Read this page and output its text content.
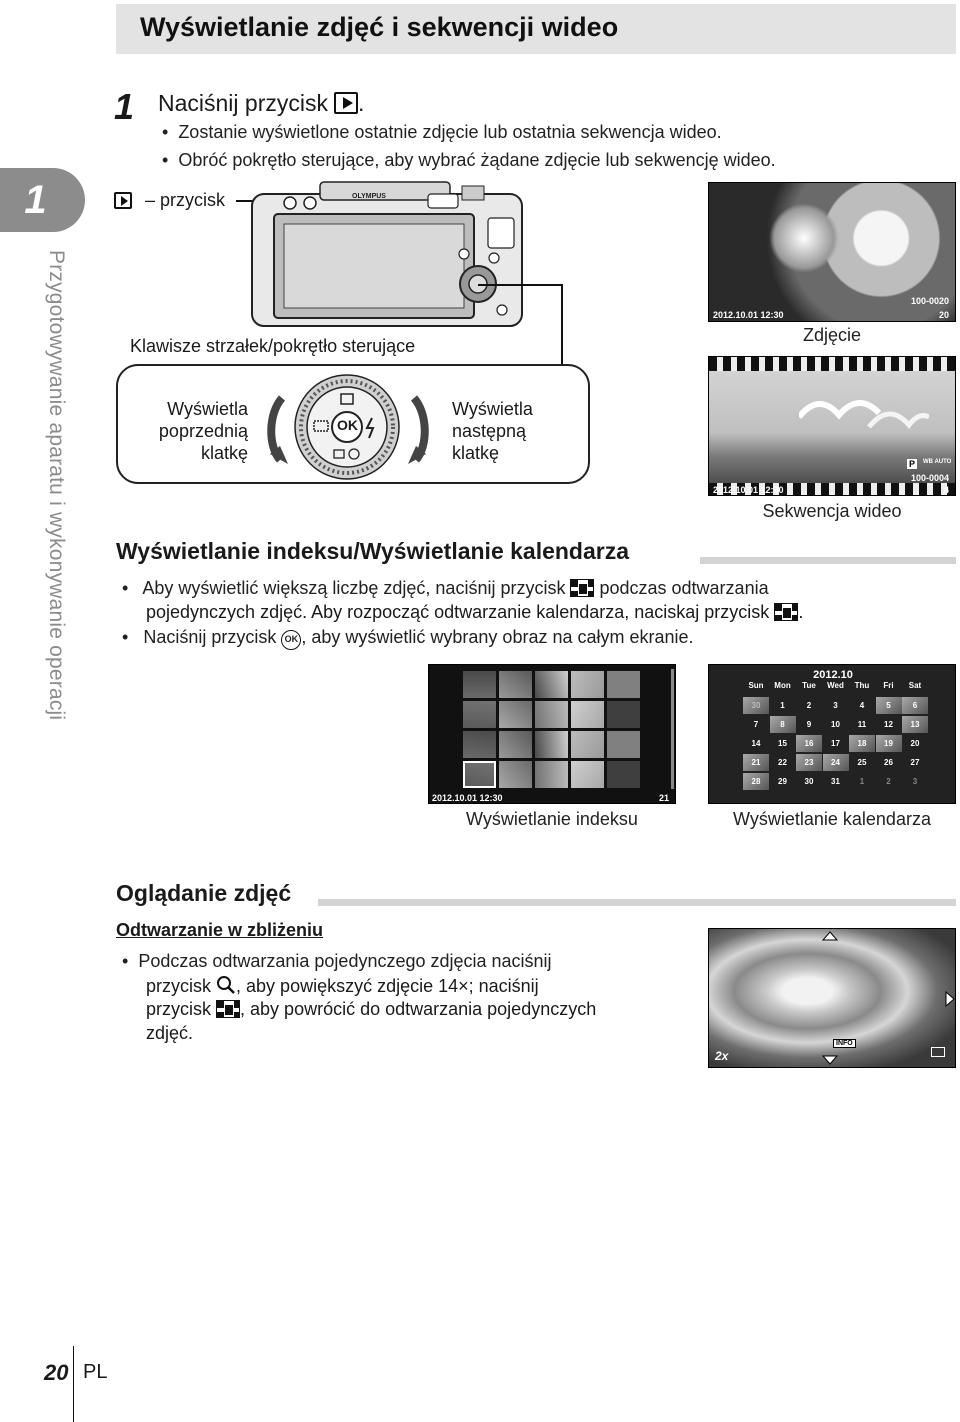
Wyświetlanie zdjęć i sekwencji wideo
1
Przygotowywanie aparatu i wykonywanie operacji
1 Naciśnij przycisk .
• Zostanie wyświetlone ostatnie zdjęcie lub ostatnia sekwencja wideo.
• Obróć pokrętło sterujące, aby wybrać żądane zdjęcie lub sekwencję wideo.
– przycisk	OLYMPUS
Klawisze strzałek/pokrętło sterujące
Wyświetla
poprzednią
klatkę
Wyświetla
następną
klatkę
OK
100-0020
2012.10.01 12:30	20
Zdjęcie
P	WB AUTO
100-0004
2012.10.01 12:30	4
Sekwencja wideo
Wyświetlanie indeksu/Wyświetlanie kalendarza
• Aby wyświetlić większą liczbę zdjęć, naciśnij przycisk podczas odtwarzania
pojedynczych zdjęć. Aby rozpocząć odtwarzanie kalendarza, naciskaj przycisk .
• Naciśnij przycisk OK , aby wyświetlić wybrany obraz na całym ekranie.
2012.10.01 12:30	21
Wyświetlanie indeksu
2012.10
Sun	Mon	Tue	Wed	Thu	Fri	Sat
30	1	2	3	4	5	6
7	8	9	10	11	12	13
14	15	16	17	18	19	20
21	22	23	24	25	26	27
28	29	30	31	1	2	3
Wyświetlanie kalendarza
Oglądanie zdjęć
Odtwarzanie w zbliżeniu
• Podczas odtwarzania pojedynczego zdjęcia naciśnij
przycisk , aby powiększyć zdjęcie 14×; naciśnij
przycisk , aby powrócić do odtwarzania pojedynczych
zdjęć.
2x
INFO
20 PL
